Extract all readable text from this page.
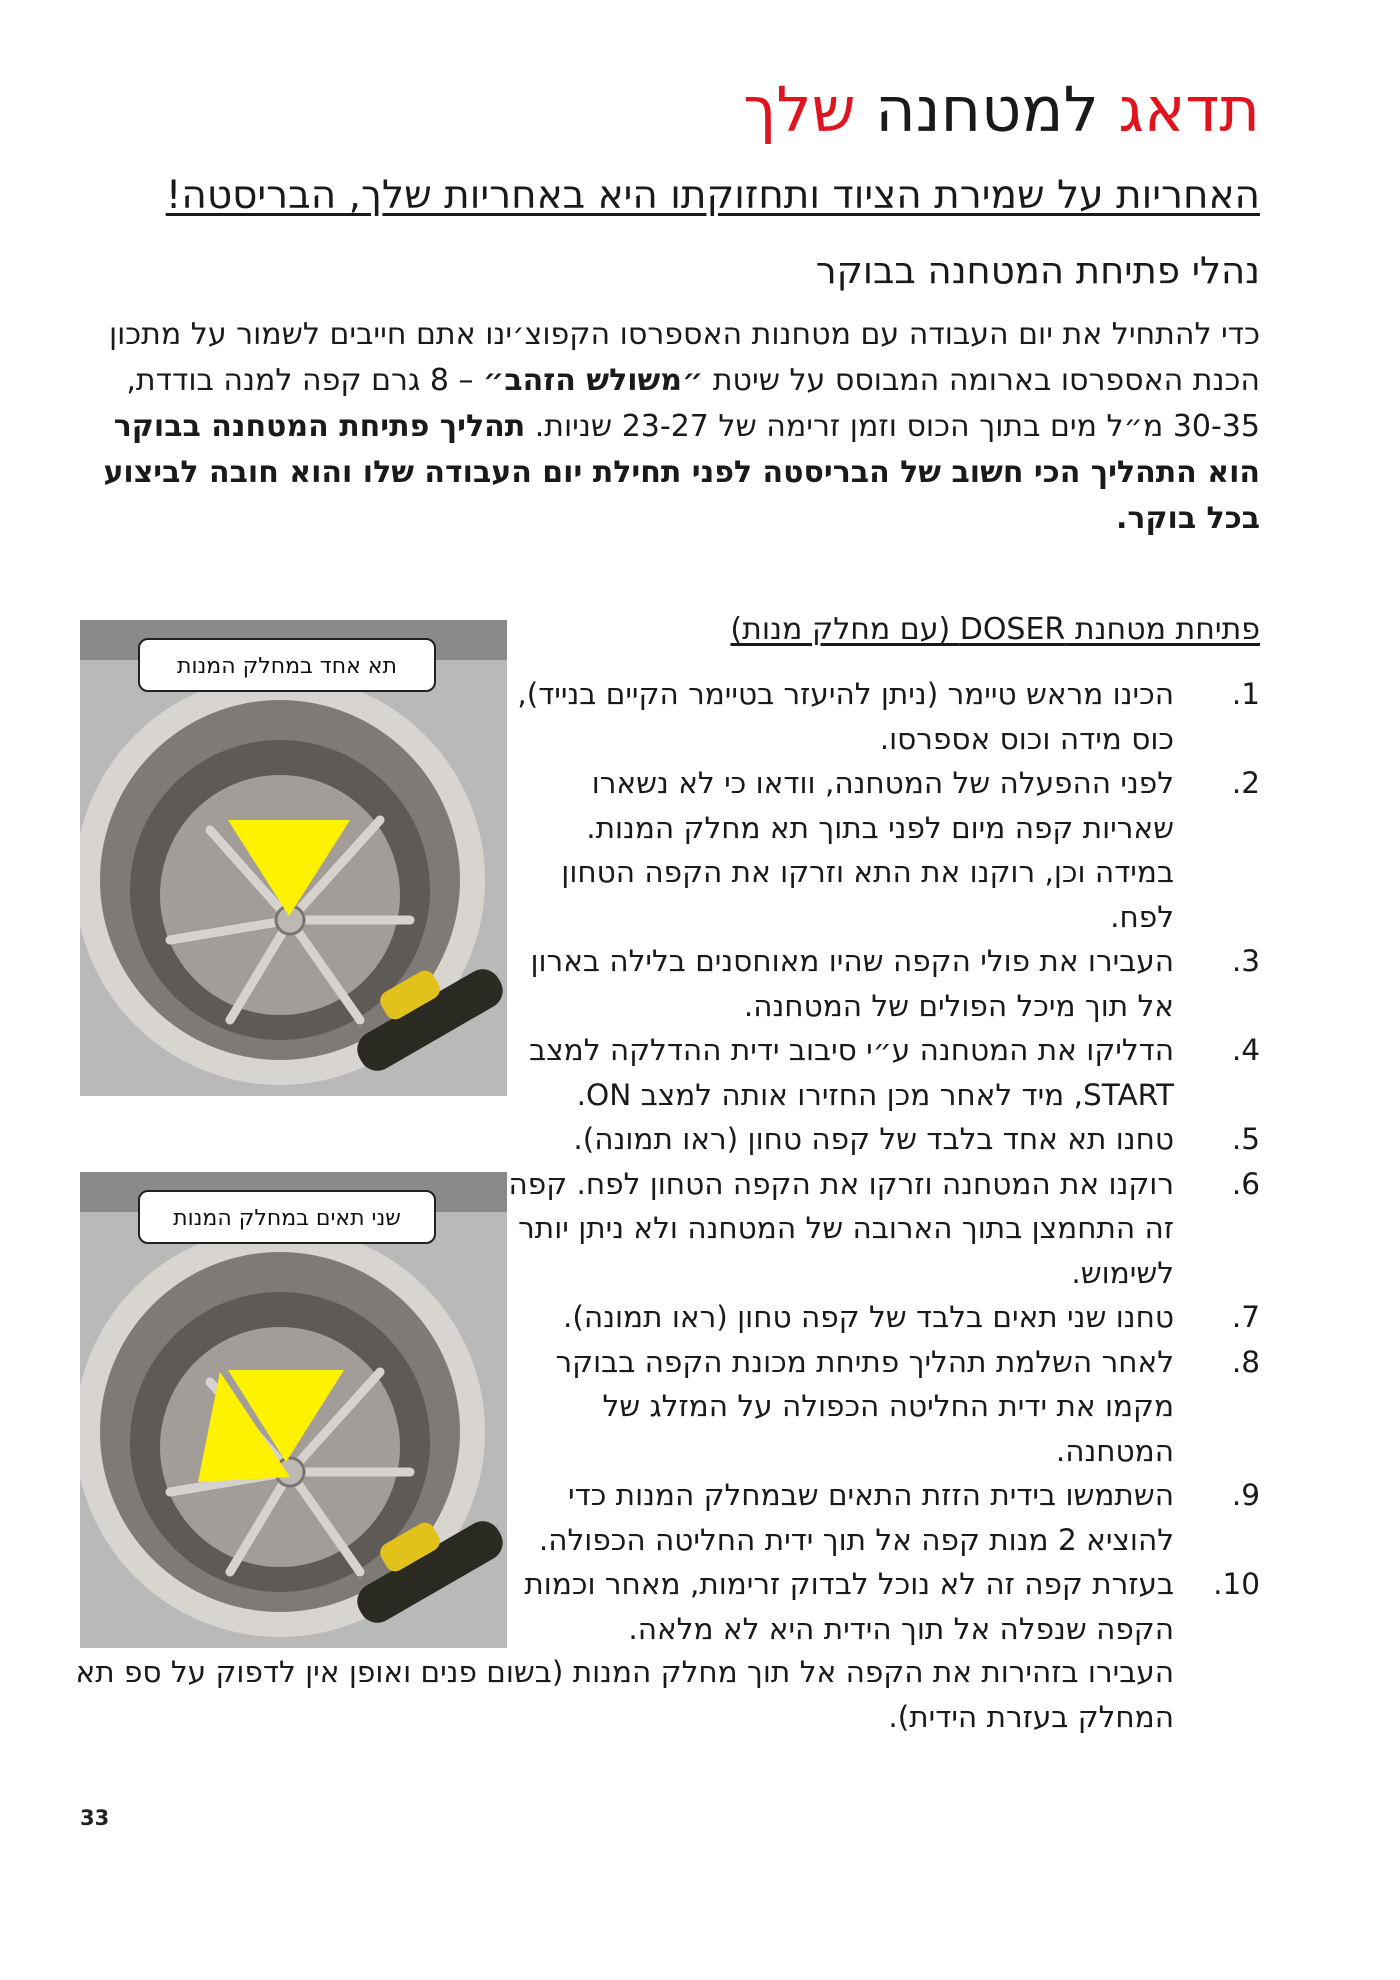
תדאג למטחנה שלך
האחריות על שמירת הציוד ותחזוקתו היא באחריות שלך, הבריסטה!
נהלי פתיחת המטחנה בבוקר

כדי להתחיל את יום העבודה עם מטחנות האספרסו הקפוצ׳ינו אתם חייבים לשמור על מתכון הכנת האספרסו בארומה המבוסס על שיטת ״משולש הזהב״ – 8 גרם קפה למנה בודדת, 30-35 מ״ל מים בתוך הכוס וזמן זרימה של 23-27 שניות. תהליך פתיחת המטחנה בבוקר הוא התהליך הכי חשוב של הבריסטה לפני תחילת יום העבודה שלו והוא חובה לביצוע בכל בוקר.

פתיחת מטחנת DOSER (עם מחלק מנות)
1.
הכינו מראש טיימר (ניתן להיעזר בטיימר הקיים בנייד), כוס מידה וכוס אספרסו.
2.
לפני ההפעלה של המטחנה, וודאו כי לא נשארו שאריות קפה מיום לפני בתוך תא מחלק המנות. במידה וכן, רוקנו את התא וזרקו את הקפה הטחון לפח.
3.
העבירו את פולי הקפה שהיו מאוחסנים בלילה בארון אל תוך מיכל הפולים של המטחנה.
4.
הדליקו את המטחנה ע״י סיבוב ידית ההדלקה למצב START, מיד לאחר מכן החזירו אותה למצב ON.
5.
טחנו תא אחד בלבד של קפה טחון (ראו תמונה).
6.
רוקנו את המטחנה וזרקו את הקפה הטחון לפח. קפה זה התחמצן בתוך הארובה של המטחנה ולא ניתן יותר לשימוש.
7.
טחנו שני תאים בלבד של קפה טחון (ראו תמונה).
8.
לאחר השלמת תהליך פתיחת מכונת הקפה בבוקר מקמו את ידית החליטה הכפולה על המזלג של המטחנה.
9.
השתמשו בידית הזזת התאים שבמחלק המנות כדי להוציא 2 מנות קפה אל תוך ידית החליטה הכפולה.
10.
בעזרת קפה זה לא נוכל לבדוק זרימות, מאחר וכמות הקפה שנפלה אל תוך הידית היא לא מלאה.

העבירו בזהירות את הקפה אל תוך מחלק המנות (בשום פנים ואופן אין לדפוק על ספ תא המחלק בעזרת הידית).

תא אחד במחלק המנות
שני תאים במחלק המנות
33
